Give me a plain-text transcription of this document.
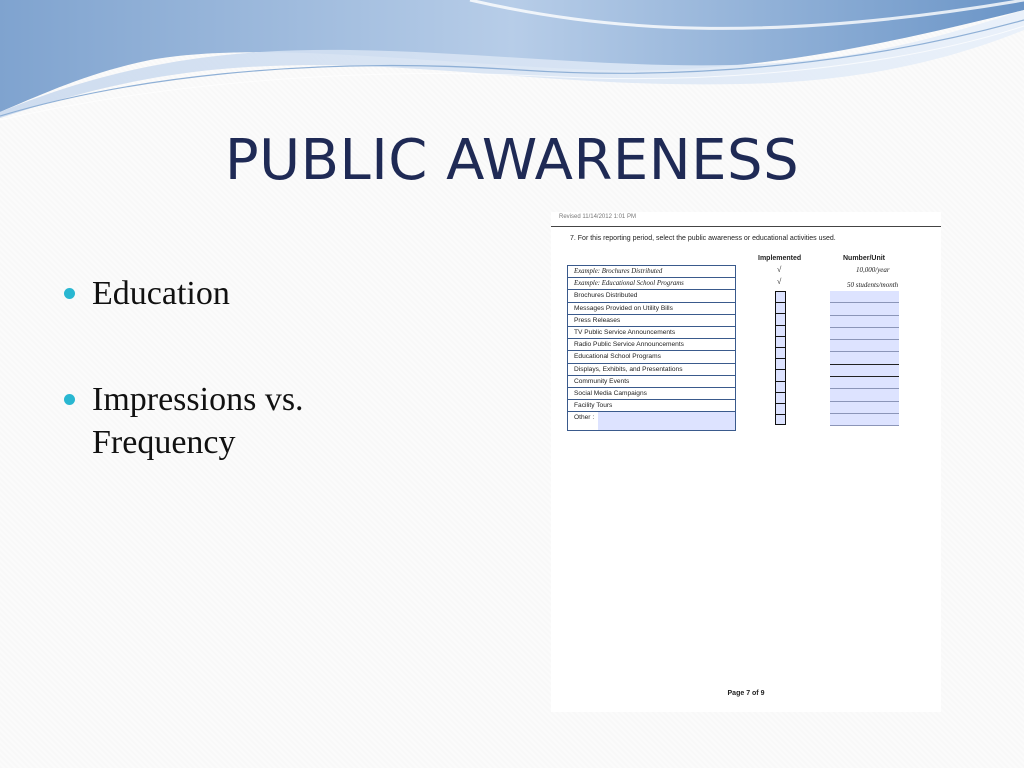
PUBLIC AWARENESS
Education
Impressions vs. Frequency
Revised 11/14/2012 1:01 PM
7. For this reporting period, select the public awareness or educational activities used.
Implemented	Number/Unit
Example: Brochures Distributed
Example: Educational School Programs
Brochures Distributed
Messages Provided on Utility Bills
Press Releases
TV Public Service Announcements
Radio Public Service Announcements
Educational School Programs
Displays, Exhibits, and Presentations
Community Events
Social Media Campaigns
Facility Tours
Other :
√
√
10,000/year
50 students/month
Page 7 of 9
